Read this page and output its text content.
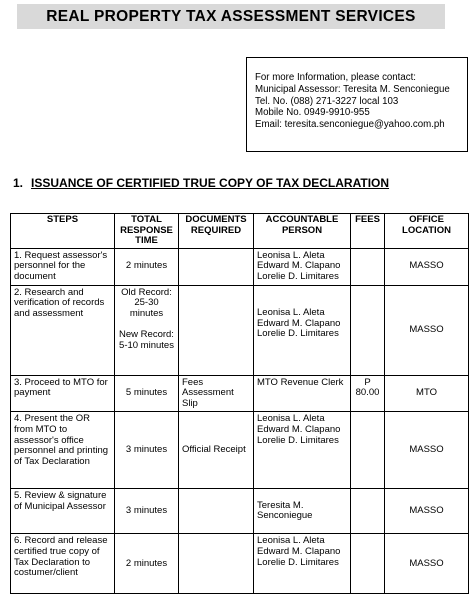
REAL PROPERTY TAX ASSESSMENT SERVICES
For more Information, please contact:
Municipal Assessor: Teresita M. Senconiegue
Tel. No. (088) 271-3227 local 103
Mobile No. 0949-9910-955
Email: teresita.senconiegue@yahoo.com.ph
1. ISSUANCE OF CERTIFIED TRUE COPY OF TAX DECLARATION
STEPS	TOTAL RESPONSE TIME	DOCUMENTS REQUIRED	ACCOUNTABLE PERSON	FEES	OFFICE LOCATION
1. Request assessor's personnel for the document	2 minutes		Leonisa L. Aleta
Edward M. Clapano
Lorelie D. Limitares		MASSO
2. Research and verification of records and assessment	Old Record: 25-30 minutes

New Record: 5-10 minutes		Leonisa L. Aleta
Edward M. Clapano
Lorelie D. Limitares		MASSO
3. Proceed to MTO for payment	5 minutes	Fees Assessment Slip	MTO Revenue Clerk	P 80.00	MTO
4. Present the OR from MTO to assessor's office personnel and printing of Tax Declaration	3 minutes	Official Receipt	Leonisa L. Aleta
Edward M. Clapano
Lorelie D. Limitares		MASSO
5. Review & signature of Municipal Assessor	3 minutes		Teresita M. Senconiegue		MASSO
6. Record and release certified true copy of Tax Declaration to costumer/client	2 minutes		Leonisa L. Aleta
Edward M. Clapano
Lorelie D. Limitares		MASSO
